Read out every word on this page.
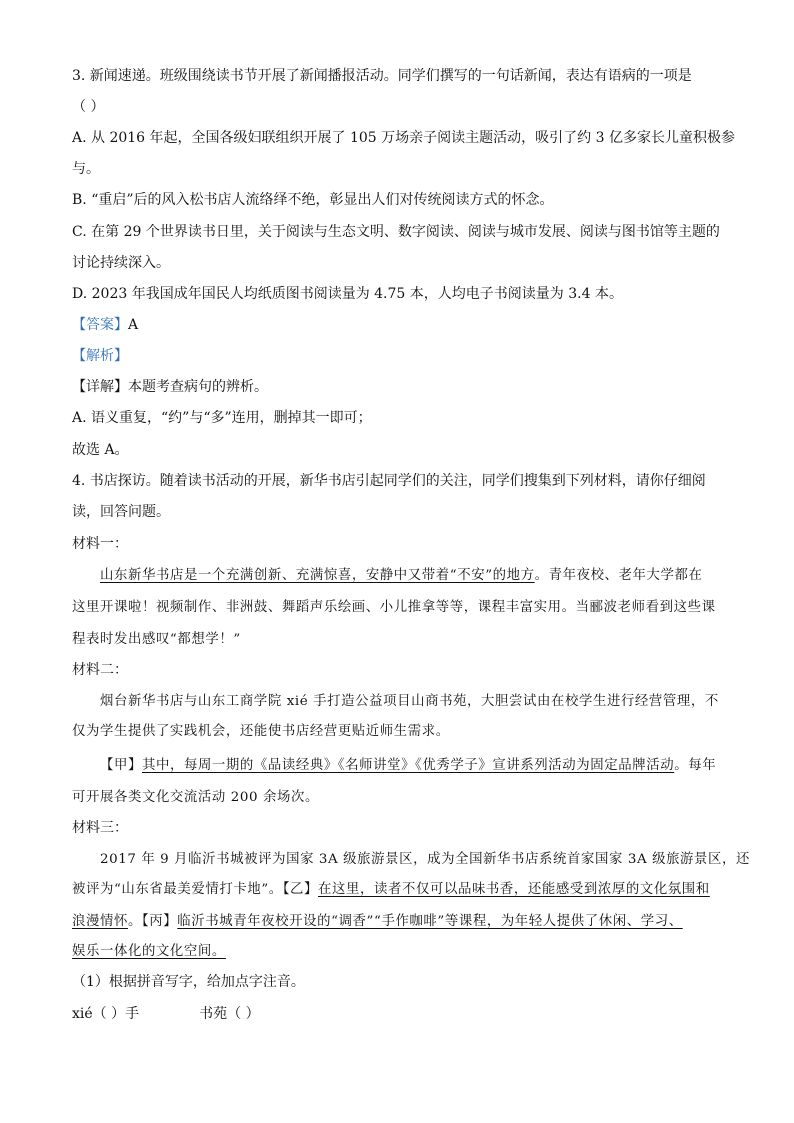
3. 新闻速递。班级围绕读书节开展了新闻播报活动。同学们撰写的一句话新闻，表达有语病的一项是
（ ）
A. 从 2016 年起，全国各级妇联组织开展了 105 万场亲子阅读主题活动，吸引了约 3 亿多家长儿童积极参
与。
B. “重启”后的风入松书店人流络绎不绝，彰显出人们对传统阅读方式的怀念。
C. 在第 29 个世界读书日里，关于阅读与生态文明、数字阅读、阅读与城市发展、阅读与图书馆等主题的
讨论持续深入。
D. 2023 年我国成年国民人均纸质图书阅读量为 4.75 本，人均电子书阅读量为 3.4 本。
【答案】A
【解析】
【详解】本题考查病句的辨析。
A. 语义重复，“约”与“多”连用，删掉其一即可；
故选 A。
4. 书店探访。随着读书活动的开展，新华书店引起同学们的关注，同学们搜集到下列材料，请你仔细阅
读，回答问题。
材料一：
山东新华书店是一个充满创新、充满惊喜，安静中又带着“不安”的地方。青年夜校、老年大学都在
这里开课啦！视频制作、非洲鼓、舞蹈声乐绘画、小儿推拿等等，课程丰富实用。当郦波老师看到这些课
程表时发出感叹“都想学！”
材料二：
烟台新华书店与山东工商学院 xié 手打造公益项目山商书苑，大胆尝试由在校学生进行经营管理，不
仅为学生提供了实践机会，还能使书店经营更贴近师生需求。
【甲】其中，每周一期的《品读经典》《名师讲堂》《优秀学子》宣讲系列活动为固定品牌活动。每年
可开展各类文化交流活动 200 余场次。
材料三：
2017 年 9 月临沂书城被评为国家 3A 级旅游景区，成为全国新华书店系统首家国家 3A 级旅游景区，还
被评为“山东省最美爱情打卡地”。【乙】在这里，读者不仅可以品味书香，还能感受到浓厚的文化氛围和
浪漫情怀。【丙】临沂书城青年夜校开设的“调香”“手作咖啡”等课程，为年轻人提供了休闲、学习、
娱乐一体化的文化空间。
（1）根据拼音写字，给加点字注音。
xié（ ）手	书苑（ ）
